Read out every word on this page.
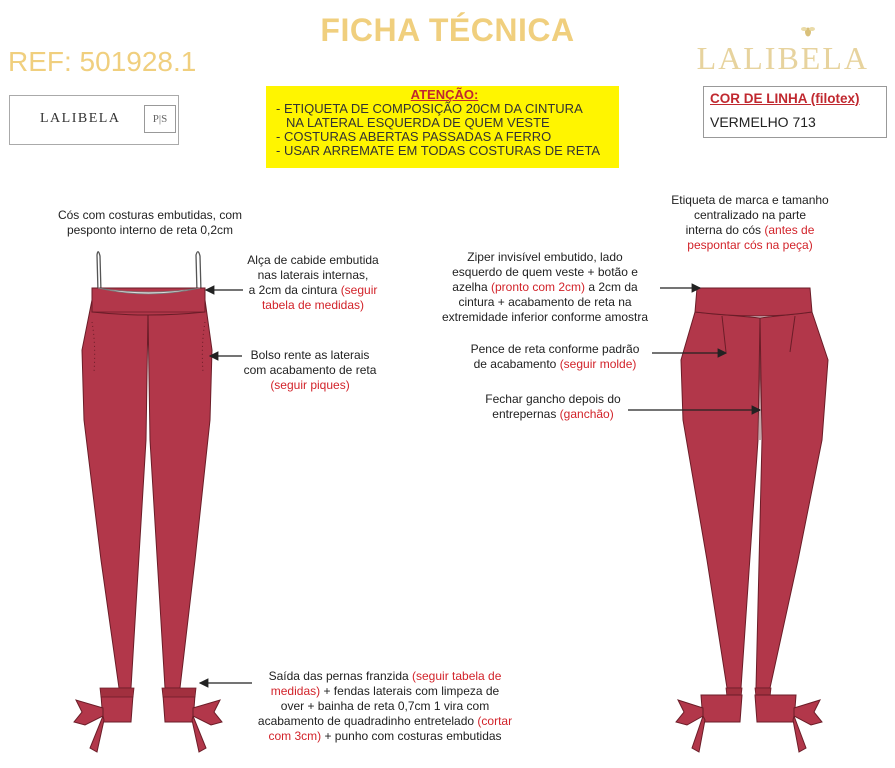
FICHA TÉCNICA
REF: 501928.1	LALIBELA
LALIBELA	P|S
ATENÇÃO:
- ETIQUETA DE COMPOSIÇÃO 20CM DA CINTURA
NA LATERAL ESQUERDA DE QUEM VESTE
- COSTURAS ABERTAS PASSADAS A FERRO
- USAR ARREMATE EM TODAS COSTURAS DE RETA
COR DE LINHA (filotex)
VERMELHO 713
Cós com costuras embutidas, com
pesponto interno de reta 0,2cm
Alça de cabide embutida
nas laterais internas,
a 2cm da cintura (seguir
tabela de medidas)
Bolso rente as laterais
com acabamento de reta
(seguir piques)
Saída das pernas franzida (seguir tabela de
medidas) + fendas laterais com limpeza de
over + bainha de reta 0,7cm 1 vira com
acabamento de quadradinho entretelado (cortar
com 3cm) + punho com costuras embutidas
Etiqueta de marca e tamanho
centralizado na parte
interna do cós (antes de
pespontar cós na peça)
Ziper invisível embutido, lado
esquerdo de quem veste + botão e
azelha (pronto com 2cm) a 2cm da
cintura + acabamento de reta na
extremidade inferior conforme amostra
Pence de reta conforme padrão
de acabamento (seguir molde)
Fechar gancho depois do
entrepernas (ganchão)
